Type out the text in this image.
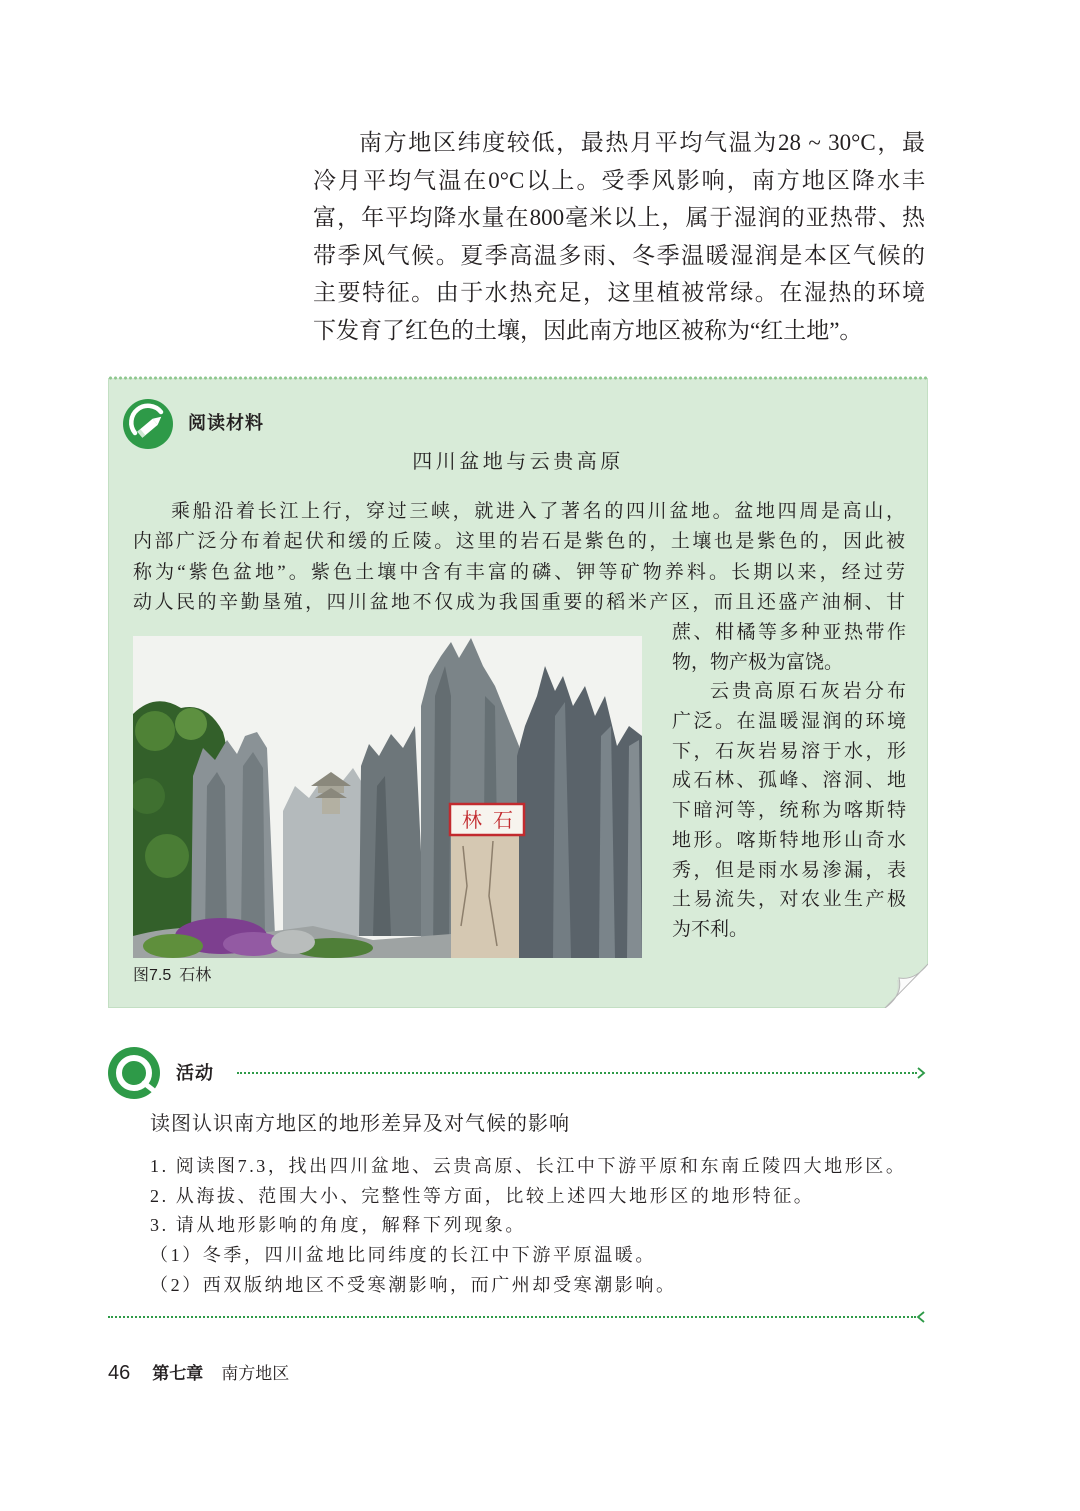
南方地区纬度较低，最热月平均气温为28 ~ 30°C，最
冷月平均气温在0°C以上。受季风影响，南方地区降水丰
富，年平均降水量在800毫米以上，属于湿润的亚热带、热
带季风气候。夏季高温多雨、冬季温暖湿润是本区气候的
主要特征。由于水热充足，这里植被常绿。在湿热的环境
下发育了红色的土壤，因此南方地区被称为“红土地”。
阅读材料
四川盆地与云贵高原
乘船沿着长江上行，穿过三峡，就进入了著名的四川盆地。盆地四周是高山，
内部广泛分布着起伏和缓的丘陵。这里的岩石是紫色的，土壤也是紫色的，因此被
称为“紫色盆地”。紫色土壤中含有丰富的磷、钾等矿物养料。长期以来，经过劳
动人民的辛勤垦殖，四川盆地不仅成为我国重要的稻米产区，而且还盛产油桐、甘
蔗、柑橘等多种亚热带作
物，物产极为富饶。
云贵高原石灰岩分布
广泛。在温暖湿润的环境
下，石灰岩易溶于水，形
成石林、孤峰、溶洞、地
下暗河等，统称为喀斯特
地形。喀斯特地形山奇水
秀，但是雨水易渗漏，表
土易流失，对农业生产极
为不利。
林 石
图7.5 石林
活动
读图认识南方地区的地形差异及对气候的影响
1. 阅读图7.3，找出四川盆地、云贵高原、长江中下游平原和东南丘陵四大地形区。
2. 从海拔、范围大小、完整性等方面，比较上述四大地形区的地形特征。
3. 请从地形影响的角度，解释下列现象。
（1）冬季，四川盆地比同纬度的长江中下游平原温暖。
（2）西双版纳地区不受寒潮影响，而广州却受寒潮影响。
46 第七章 南方地区
